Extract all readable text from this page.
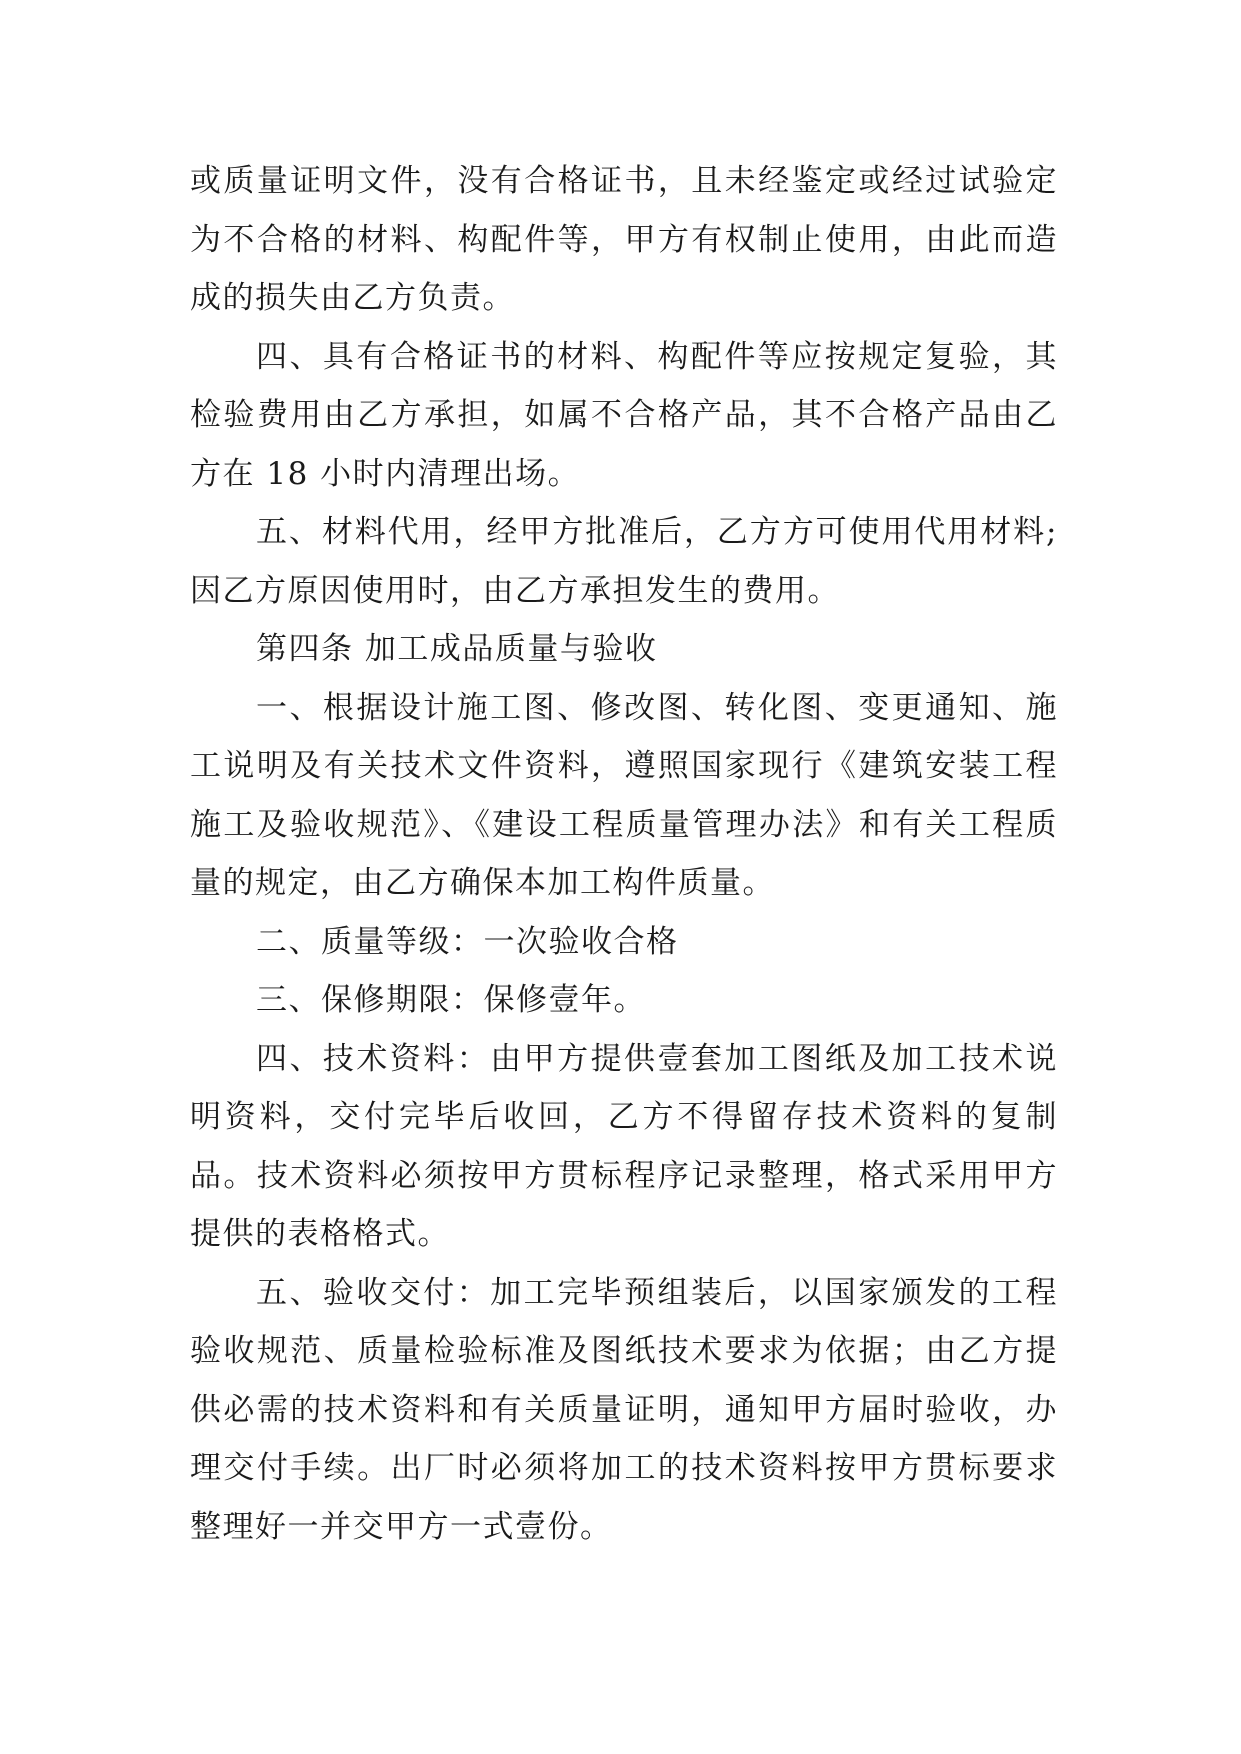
或质量证明文件，没有合格证书，且未经鉴定或经过试验定为不合格的材料、构配件等，甲方有权制止使用，由此而造成的损失由乙方负责。

四、具有合格证书的材料、构配件等应按规定复验，其检验费用由乙方承担，如属不合格产品，其不合格产品由乙方在 18 小时内清理出场。

五、材料代用，经甲方批准后，乙方方可使用代用材料;因乙方原因使用时，由乙方承担发生的费用。

第四条 加工成品质量与验收

一、根据设计施工图、修改图、转化图、变更通知、施工说明及有关技术文件资料，遵照国家现行《建筑安装工程施工及验收规范》、《建设工程质量管理办法》和有关工程质量的规定，由乙方确保本加工构件质量。

二、质量等级：一次验收合格

三、保修期限：保修壹年。

四、技术资料：由甲方提供壹套加工图纸及加工技术说明资料，交付完毕后收回，乙方不得留存技术资料的复制品。技术资料必须按甲方贯标程序记录整理，格式采用甲方提供的表格格式。

五、验收交付：加工完毕预组装后，以国家颁发的工程验收规范、质量检验标准及图纸技术要求为依据；由乙方提供必需的技术资料和有关质量证明，通知甲方届时验收，办理交付手续。出厂时必须将加工的技术资料按甲方贯标要求整理好一并交甲方一式壹份。
